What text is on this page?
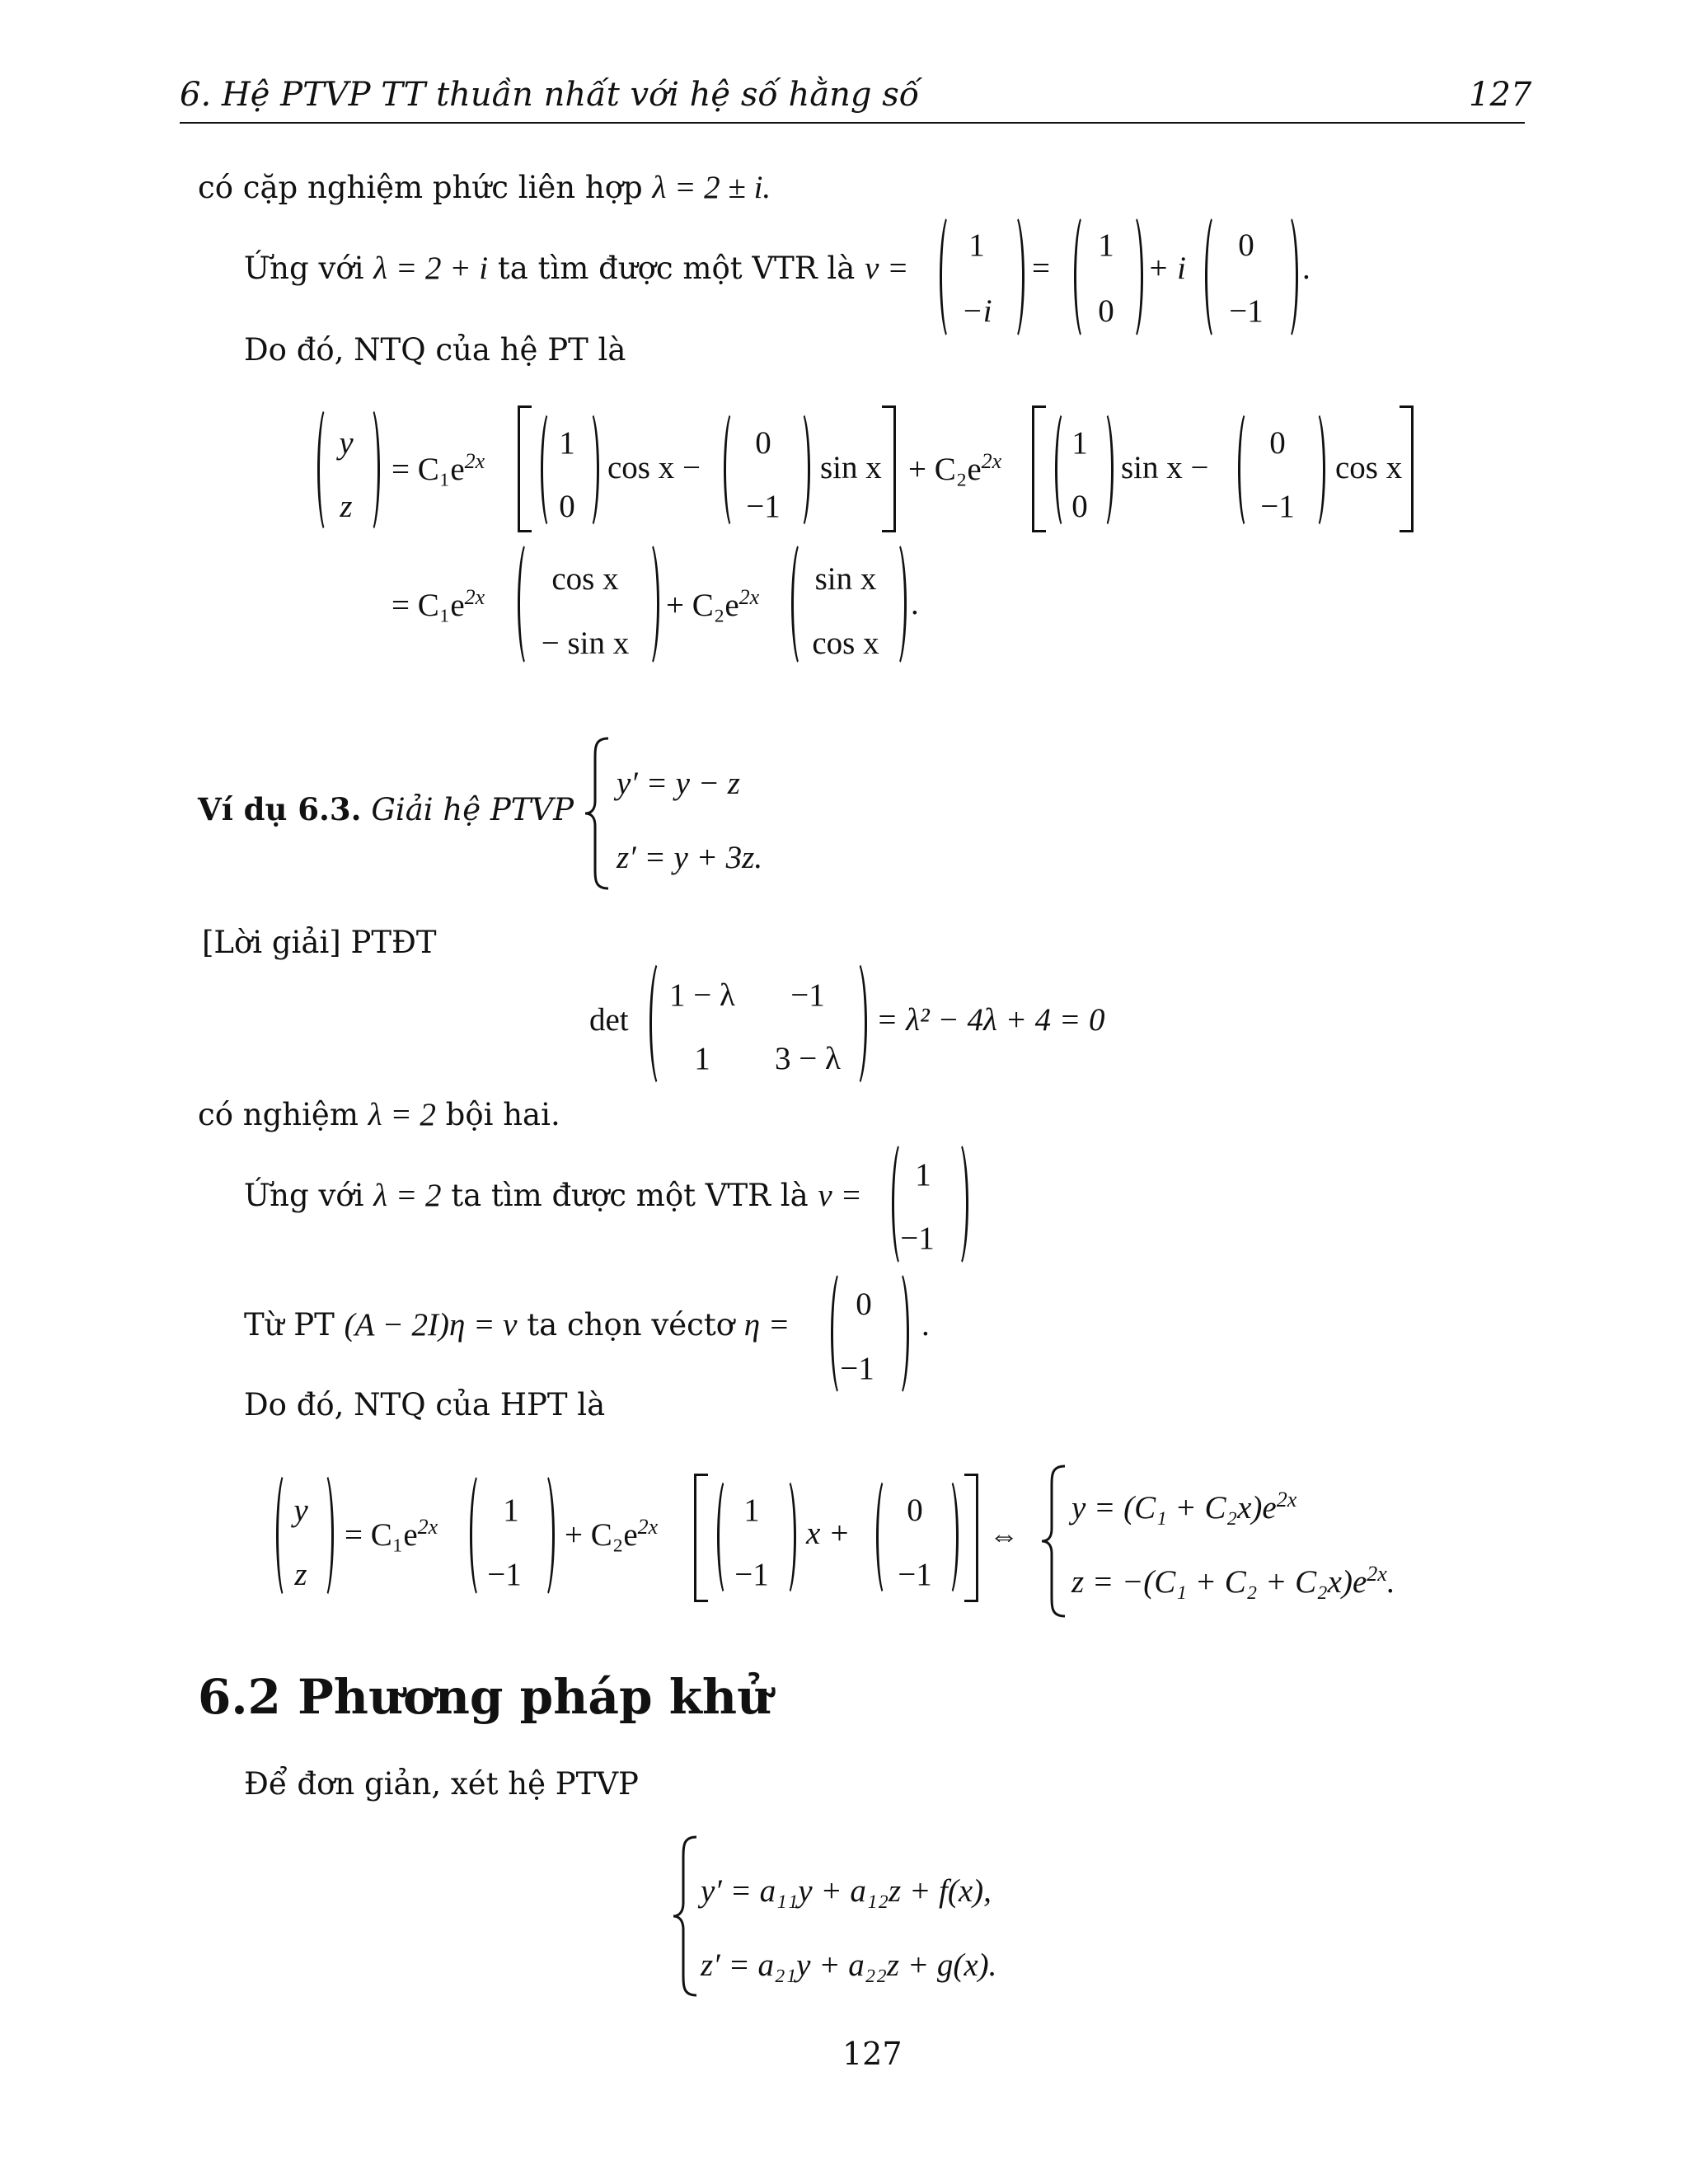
6. Hệ PTVP TT thuần nhất với hệ số hằng số	127
có cặp nghiệm phức liên hợp λ = 2 ± i.
Ứng với λ = 2 + i ta tìm được một VTR là v =
1
−i
=
1
0
+ i
0
−1
.
Do đó, NTQ của hệ PT là
y
z
= $C_1e^{2x}$
1
0
cos x −
0
−1
$\sin x + C_2e^{2x}$
1
0
sin x −
0
−1
cos x
= $C_1e^{2x}$
cos x
− sin x
+ $C_2e^{2x}$
sin x
cos x
.
Ví dụ 6.3. Giải hệ PTVP
y′ = y − z
z′ = y + 3z.
[Lời giải] PTĐT
det
1 − λ	−1
1	3 − λ
= λ² − 4λ + 4 = 0
có nghiệm λ = 2 bội hai.
Ứng với λ = 2 ta tìm được một VTR là v =
1
−1
Từ PT (A − 2I)η = v ta chọn véctơ η =
0
−1
.
Do đó, NTQ của HPT là
y
z
= $C_1e^{2x}$	1
−1
+ $C_2e^{2x}$	1
−1
x +
0
−1
⇔
$y = (C_1 + C_2x)e^{2x}$
$z = -(C_1 + C_2 + C_2x)e^{2x}$.
6.2 Phương pháp khử
Để đơn giản, xét hệ PTVP
y′ = a₁₁y + a₁₂z + f(x),
z′ = a₂₁y + a₂₂z + g(x).
127
